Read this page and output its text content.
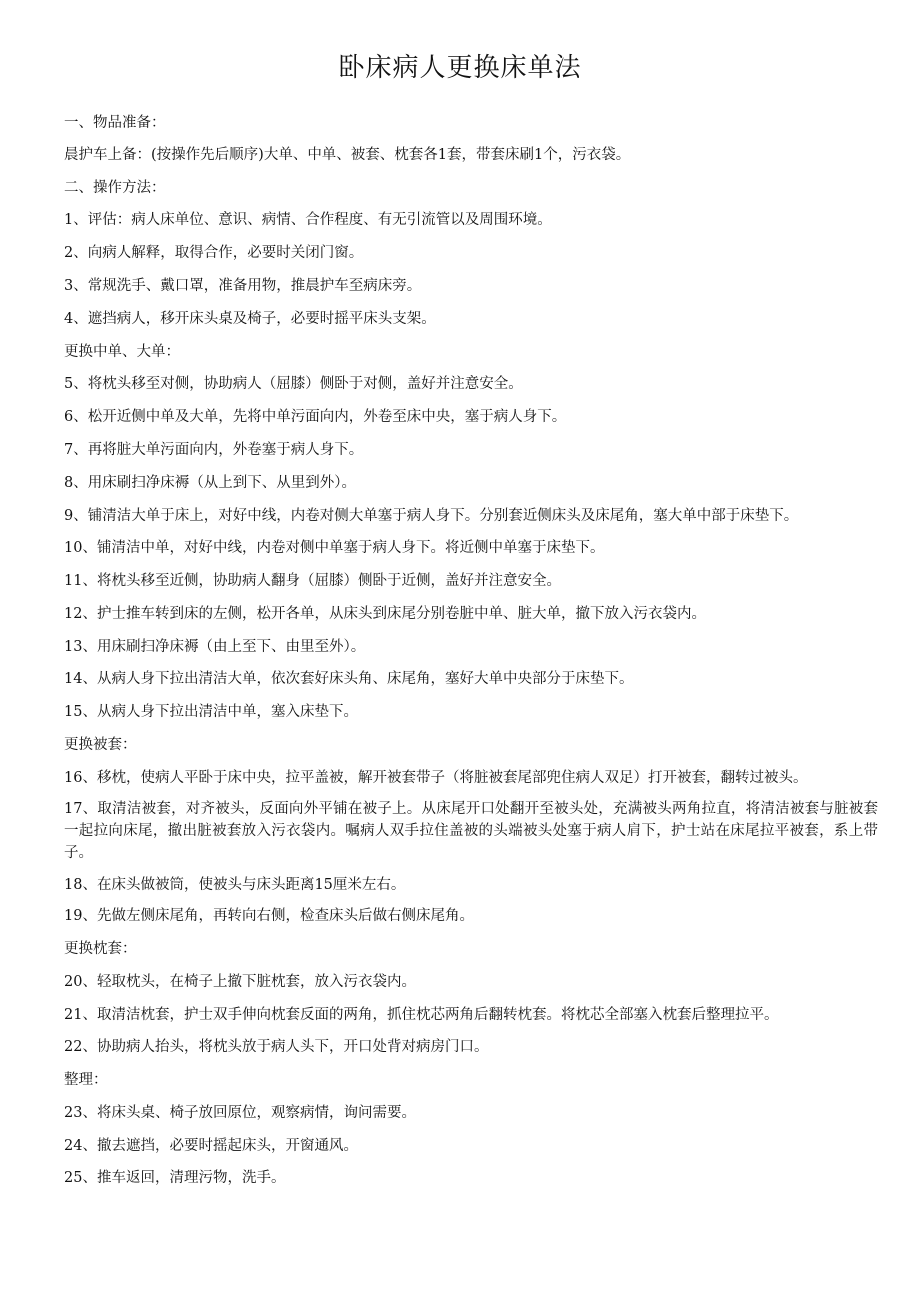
卧床病人更换床单法
一、物品准备：
晨护车上备：(按操作先后顺序)大单、中单、被套、枕套各1套，带套床刷1个，污衣袋。
二、操作方法：
1、评估：病人床单位、意识、病情、合作程度、有无引流管以及周围环境。
2、向病人解释，取得合作，必要时关闭门窗。
3、常规洗手、戴口罩，准备用物，推晨护车至病床旁。
4、遮挡病人，移开床头桌及椅子，必要时摇平床头支架。
更换中单、大单：
5、将枕头移至对侧，协助病人（屈膝）侧卧于对侧，盖好并注意安全。
6、松开近侧中单及大单，先将中单污面向内，外卷至床中央，塞于病人身下。
7、再将脏大单污面向内，外卷塞于病人身下。
8、用床刷扫净床褥（从上到下、从里到外）。
9、铺清洁大单于床上，对好中线，内卷对侧大单塞于病人身下。分别套近侧床头及床尾角，塞大单中部于床垫下。
10、铺清洁中单，对好中线，内卷对侧中单塞于病人身下。将近侧中单塞于床垫下。
11、将枕头移至近侧，协助病人翻身（屈膝）侧卧于近侧，盖好并注意安全。
12、护士推车转到床的左侧，松开各单，从床头到床尾分别卷脏中单、脏大单，撤下放入污衣袋内。
13、用床刷扫净床褥（由上至下、由里至外）。
14、从病人身下拉出清洁大单，依次套好床头角、床尾角，塞好大单中央部分于床垫下。
15、从病人身下拉出清洁中单，塞入床垫下。
更换被套：
16、移枕，使病人平卧于床中央，拉平盖被，解开被套带子（将脏被套尾部兜住病人双足）打开被套，翻转过被头。
17、取清洁被套，对齐被头，反面向外平铺在被子上。从床尾开口处翻开至被头处，充满被头两角拉直，将清洁被套与脏被套一起拉向床尾，撤出脏被套放入污衣袋内。嘱病人双手拉住盖被的头端被头处塞于病人肩下，护士站在床尾拉平被套，系上带子。
18、在床头做被筒，使被头与床头距离15厘米左右。
19、先做左侧床尾角，再转向右侧，检查床头后做右侧床尾角。
更换枕套：
20、轻取枕头，在椅子上撤下脏枕套，放入污衣袋内。
21、取清洁枕套，护士双手伸向枕套反面的两角，抓住枕芯两角后翻转枕套。将枕芯全部塞入枕套后整理拉平。
22、协助病人抬头，将枕头放于病人头下，开口处背对病房门口。
整理：
23、将床头桌、椅子放回原位，观察病情，询问需要。
24、撤去遮挡，必要时摇起床头，开窗通风。
25、推车返回，清理污物，洗手。
